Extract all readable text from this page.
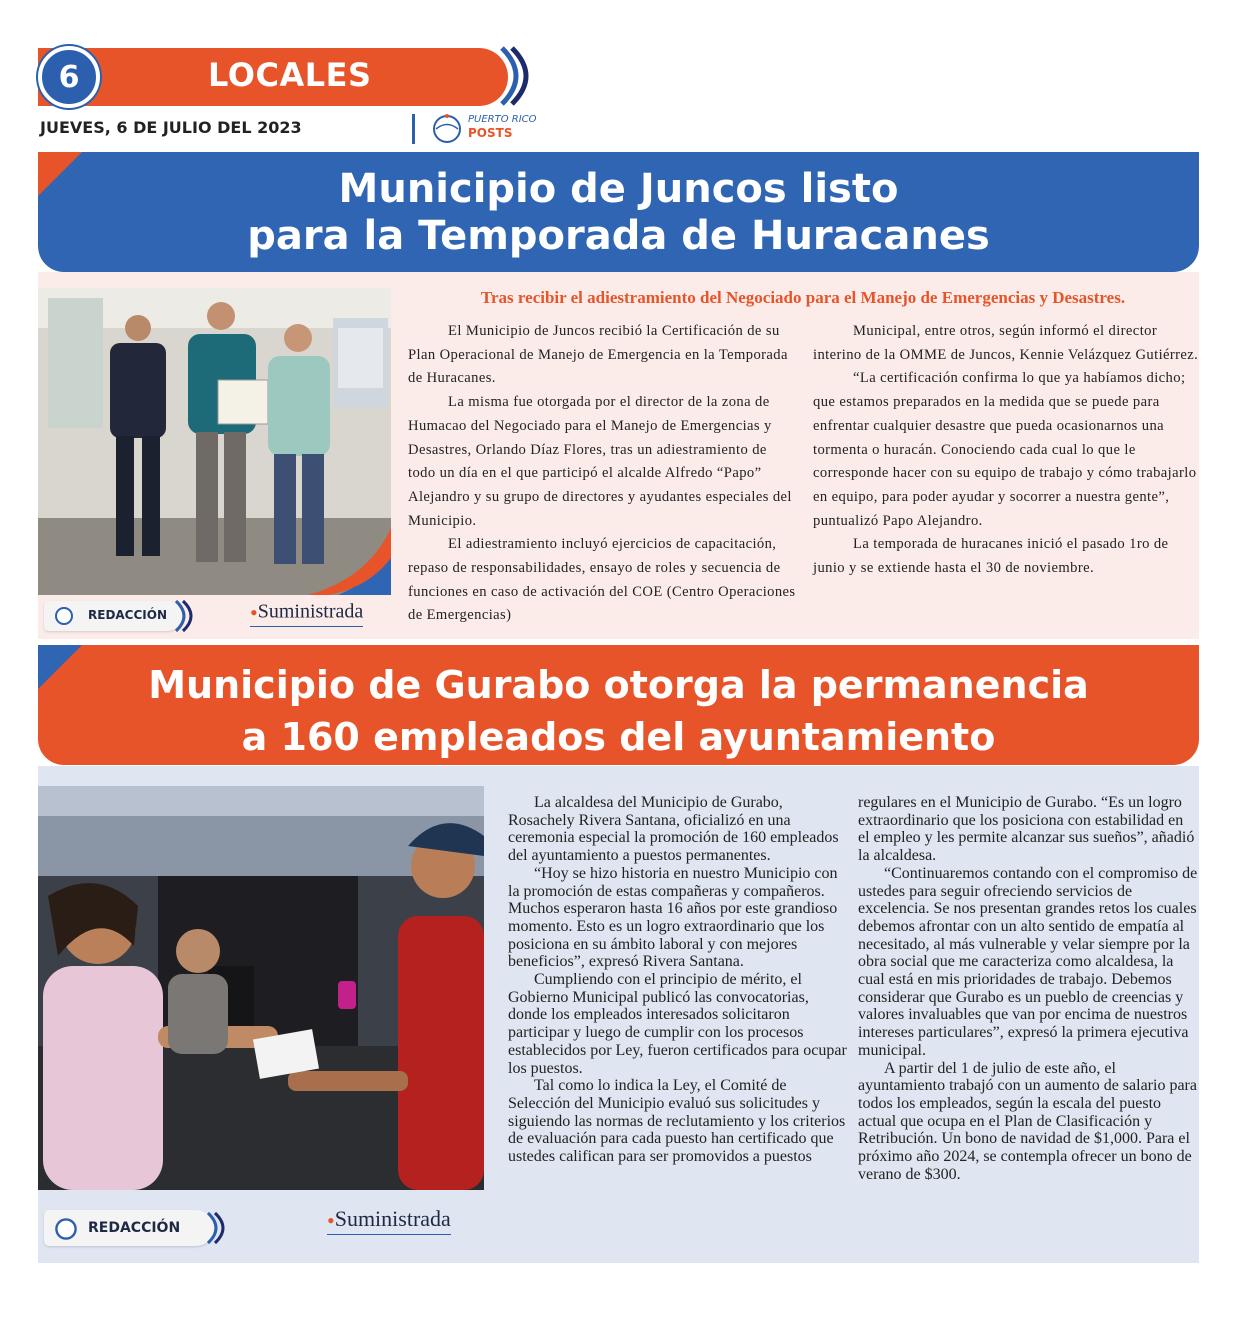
6	LOCALES
JUEVES, 6 DE JULIO DEL 2023	PUERTO RICO
POSTS
Municipio de Juncos listo
para la Temporada de Huracanes
REDACCIÓN	•Suministrada
Tras recibir el adiestramiento del Negociado para el Manejo de Emergencias y Desastres.

El Municipio de Juncos recibió la Certificación de su Plan Operacional de Manejo de Emergencia en la Temporada de Huracanes.

La misma fue otorgada por el director de la zona de Humacao del Negociado para el Manejo de Emergencias y Desastres, Orlando Díaz Flores, tras un adiestramiento de todo un día en el que participó el alcalde Alfredo “Papo” Alejandro y su grupo de directores y ayudantes especiales del Municipio.

El adiestramiento incluyó ejercicios de capacitación, repaso de responsabilidades, ensayo de roles y secuencia de funciones en caso de activación del COE (Centro Operaciones de Emergencias)

Municipal, entre otros, según informó el director interino de la OMME de Juncos, Kennie Velázquez Gutiérrez.

“La certificación confirma lo que ya habíamos dicho; que estamos preparados en la medida que se puede para enfrentar cualquier desastre que pueda ocasionarnos una tormenta o huracán. Conociendo cada cual lo que le corresponde hacer con su equipo de trabajo y cómo trabajarlo en equipo, para poder ayudar y socorrer a nuestra gente”, puntualizó Papo Alejandro.

La temporada de huracanes inició el pasado 1ro de junio y se extiende hasta el 30 de noviembre.

Municipio de Gurabo otorga la permanencia
a 160 empleados del ayuntamiento
REDACCIÓN	•Suministrada

La alcaldesa del Municipio de Gurabo, Rosachely Rivera Santana, oficializó en una ceremonia especial la promoción de 160 empleados del ayuntamiento a puestos permanentes.

“Hoy se hizo historia en nuestro Municipio con la promoción de estas compañeras y compañeros. Muchos esperaron hasta 16 años por este grandioso momento. Esto es un logro extraordinario que los posiciona en su ámbito laboral y con mejores beneficios”, expresó Rivera Santana.

Cumpliendo con el principio de mérito, el Gobierno Municipal publicó las convocatorias, donde los empleados interesados solicitaron participar y luego de cumplir con los procesos establecidos por Ley, fueron certificados para ocupar los puestos.

Tal como lo indica la Ley, el Comité de Selección del Municipio evaluó sus solicitudes y siguiendo las normas de reclutamiento y los criterios de evaluación para cada puesto han certificado que ustedes califican para ser promovidos a puestos

regulares en el Municipio de Gurabo. “Es un logro extraordinario que los posiciona con estabilidad en el empleo y les permite alcanzar sus sueños”, añadió la alcaldesa.

“Continuaremos contando con el compromiso de ustedes para seguir ofreciendo servicios de excelencia. Se nos presentan grandes retos los cuales debemos afrontar con un alto sentido de empatía al necesitado, al más vulnerable y velar siempre por la obra social que me caracteriza como alcaldesa, la cual está en mis prioridades de trabajo. Debemos considerar que Gurabo es un pueblo de creencias y valores invaluables que van por encima de nuestros intereses particulares”, expresó la primera ejecutiva municipal.

A partir del 1 de julio de este año, el ayuntamiento trabajó con un aumento de salario para todos los empleados, según la escala del puesto actual que ocupa en el Plan de Clasificación y Retribución. Un bono de navidad de $1,000. Para el próximo año 2024, se contempla ofrecer un bono de verano de $300.
